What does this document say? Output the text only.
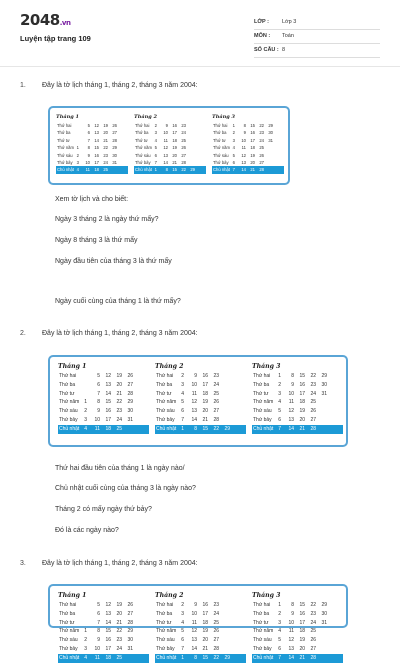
2048.vn
Luyện tập trang 109
LỚP : Lớp 3
MÔN : Toán
SỐ CÂU : 8
1. Đây là tờ lịch tháng 1, tháng 2, tháng 3 năm 2004:
Tháng 1
Thứ hai	5	12	19	26
Thứ ba	6	13	20	27
Thứ tư	7	14	21	28
Thứ năm 1	8	15	22	29
Thứ sáu 2	9	16	23	30
Thứ bảy 3	10	17	24	31
Chủ nhật 4	11	18	25
Tháng 2
Thứ hai	2	9	16	23
Thứ ba	3	10	17	24
Thứ tư	4	11	18	25
Thứ năm 5	12	19	26
Thứ sáu 6	13	20	27
Thứ bảy 7	14	21	28
Chủ nhật 1	8	15	22	29
Tháng 3
Thứ hai	1	8	15	22	29
Thứ ba	2	9	16	23	30
Thứ tư	3	10	17	24	31
Thứ năm 4	11	18	25
Thứ sáu 5	12	19	26
Thứ bảy 6	13	20	27
Chủ nhật 7	14	21	28
Xem tờ lịch và cho biết:
Ngày 3 tháng 2 là ngày thứ mấy?
Ngày 8 tháng 3 là thứ mấy
Ngày đầu tiên của tháng 3 là thứ mấy
Ngày cuối cùng của tháng 1 là thứ mấy?
2. Đây là tờ lịch tháng 1, tháng 2, tháng 3 năm 2004:
Tháng 1
Thứ hai	5	12	19	26
Thứ ba	6	13	20	27
Thứ tư	7	14	21	28
Thứ năm 1	8	15	22	29
Thứ sáu	2	9	16	23	30
Thứ bảy	3	10	17	24	31
Chủ nhật 4	11	18	25
Tháng 2
Thứ hai	2	9	16	23
Thứ ba	3	10	17	24
Thứ tư	4	11	18	25
Thứ năm 5	12	19	26
Thứ sáu	6	13	20	27
Thứ bảy	7	14	21	28
Chủ nhật 1	8	15	22	29
Tháng 3
Thứ hai	1	8	15	22	29
Thứ ba	2	9	16	23	30
Thứ tư	3	10	17	24	31
Thứ năm 4	11	18	25
Thứ sáu	5	12	19	26
Thứ bảy	6	13	20	27
Chủ nhật 7	14	21	28
Thứ hai đầu tiên của tháng 1 là ngày nào/
Chủ nhật cuối cùng của tháng 3 là ngày nào?
Tháng 2 có mấy ngày thứ bảy?
Đó là các ngày nào?
3. Đây là tờ lịch tháng 1, tháng 2, tháng 3 năm 2004:
Tháng 1
Thứ hai	5	12	19	26
Thứ ba	6	13	20	27
Thứ tư	7	14	21	28
Thứ năm 1	8	15	22	29
Thứ sáu	2	9	16	23	30
Thứ bảy	3	10	17	24	31
Chủ nhật 4	11	18	25
Tháng 2
Thứ hai	2	9	16	23
Thứ ba	3	10	17	24
Thứ tư	4	11	18	25
Thứ năm 5	12	19	26
Thứ sáu	6	13	20	27
Thứ bảy	7	14	21	28
Chủ nhật 1	8	15	22	29
Tháng 3
Thứ hai	1	8	15	22	29
Thứ ba	2	9	16	23	30
Thứ tư	3	10	17	24	31
Thứ năm 4	11	18	25
Thứ sáu	5	12	19	26
Thứ bảy	6	13	20	27
Chủ nhật 7	14	21	28
